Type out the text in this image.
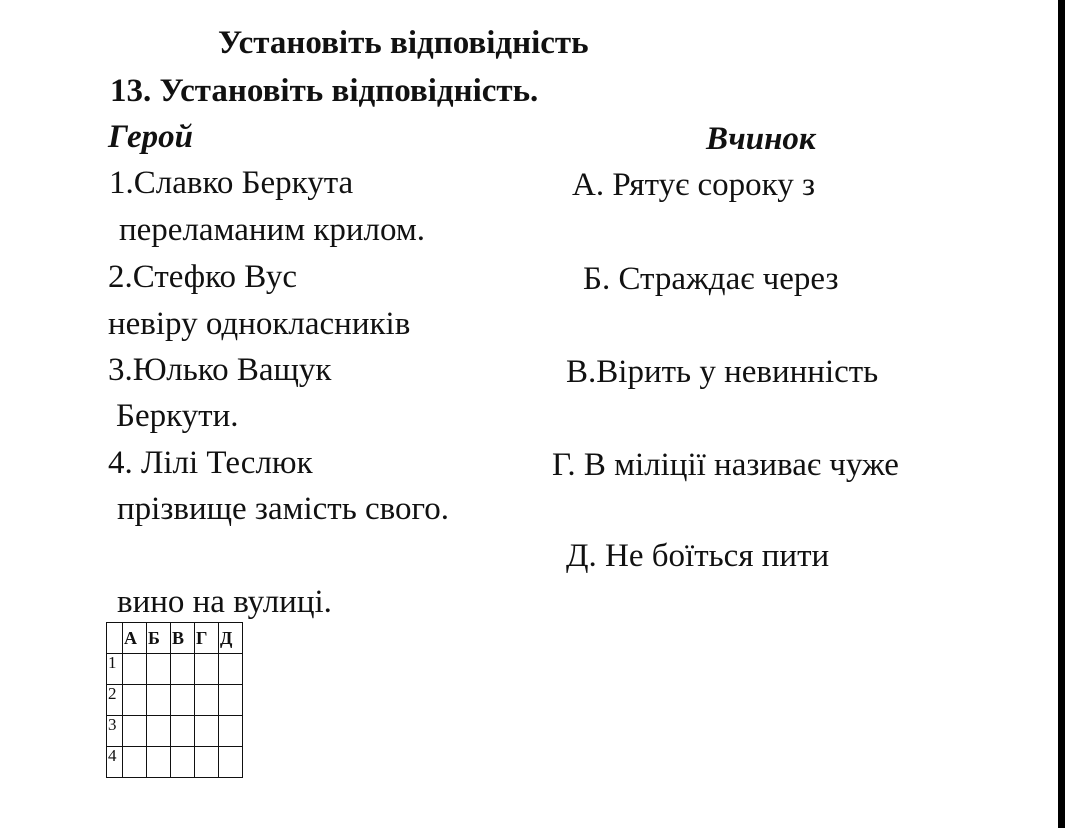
Установіть відповідність
13. Установіть відповідність.
Герой	Вчинок
1.Славко Беркута	А. Рятує сороку з
переламаним крилом.
2.Стефко Вус	Б. Страждає через
невіру однокласників
3.Юлько Ващук	В.Вірить у невинність
Беркути.
4. Лілі Теслюк	Г. В міліції називає чуже
прізвище замість свого.
Д. Не боїться пити
вино на вулиці.
	А	Б	В	Г	Д
1					
2					
3					
4					
